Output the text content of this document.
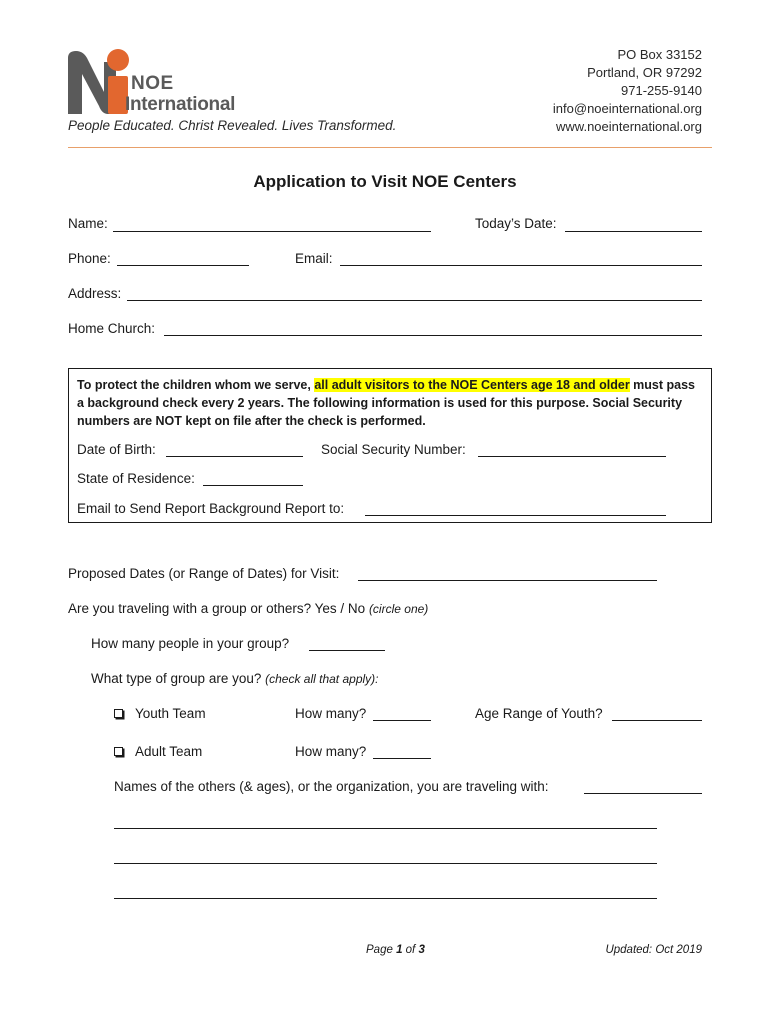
NOE
International
People Educated. Christ Revealed. Lives Transformed.
PO Box 33152
Portland, OR 97292
971-255-9140
info@noeinternational.org
www.noeinternational.org
Application to Visit NOE Centers
Name:	Today’s Date:
Phone:	Email:
Address:
Home Church:
To protect the children whom we serve, all adult visitors to the NOE Centers age 18 and older must pass a background check every 2 years. The following information is used for this purpose. Social Security numbers are NOT kept on file after the check is performed.
Date of Birth:	Social Security Number:
State of Residence:
Email to Send Report Background Report to:
Proposed Dates (or Range of Dates) for Visit:
Are you traveling with a group or others? Yes / No (circle one)
How many people in your group?
What type of group are you? (check all that apply):
Youth Team	How many?	Age Range of Youth?
Adult Team	How many?
Names of the others (& ages), or the organization, you are traveling with:
Page 1 of 3	Updated: Oct 2019
